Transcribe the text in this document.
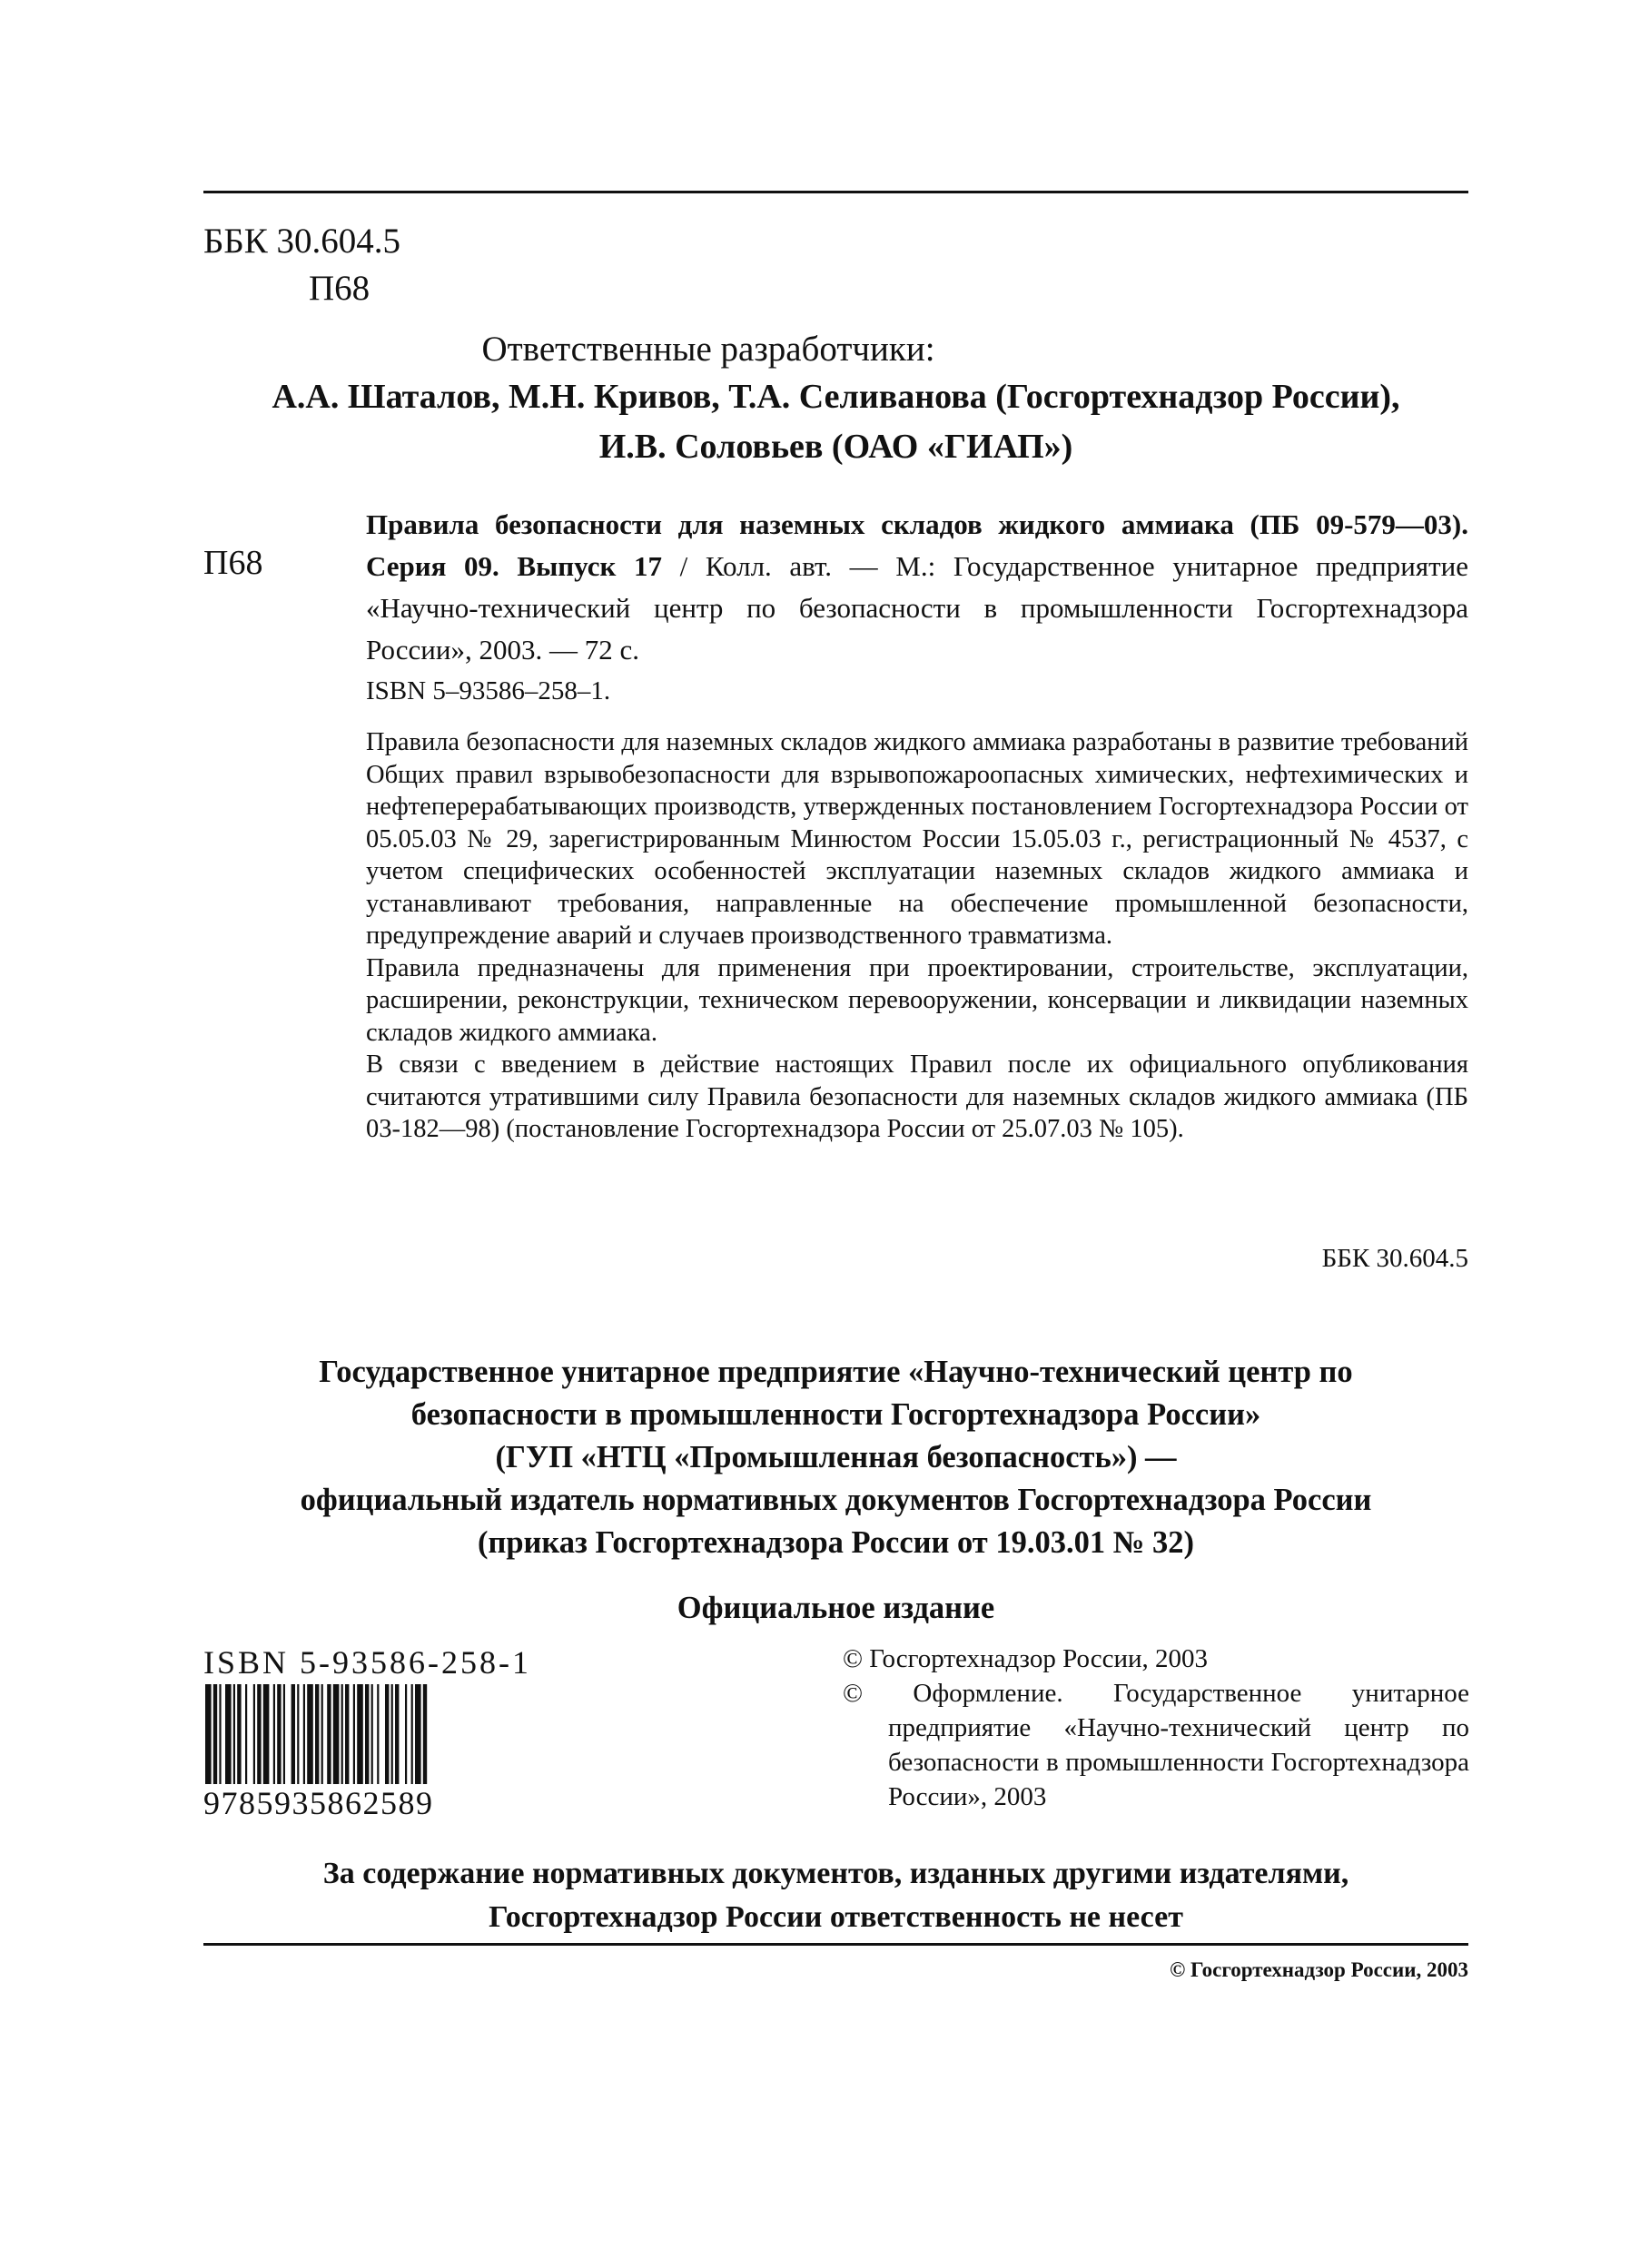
ББК 30.604.5
П68
Ответственные разработчики:
А.А. Шаталов, М.Н. Кривов, Т.А. Селиванова (Госгортехнадзор России),
И.В. Соловьев (ОАО «ГИАП»)
П68
Правила безопасности для наземных складов жидкого аммиака (ПБ 09-579—03). Серия 09. Выпуск 17 / Колл. авт. — М.: Государственное унитарное предприятие «Научно-технический центр по безопасности в промышленности Госгортехнадзора России», 2003. — 72 с.
ISBN 5–93586–258–1.

Правила безопасности для наземных складов жидкого аммиака разработаны в развитие требований Общих правил взрывобезопасности для взрывопожароопасных химических, нефтехимических и нефтеперерабатывающих производств, утвержденных постановлением Госгортехнадзора России от 05.05.03 № 29, зарегистрированным Минюстом России 15.05.03 г., регистрационный № 4537, с учетом специфических особенностей эксплуатации наземных складов жидкого аммиака и устанавливают требования, направленные на обеспечение промышленной безопасности, предупреждение аварий и случаев производственного травматизма.

Правила предназначены для применения при проектировании, строительстве, эксплуатации, расширении, реконструкции, техническом перевооружении, консервации и ликвидации наземных складов жидкого аммиака.

В связи с введением в действие настоящих Правил после их официального опубликования считаются утратившими силу Правила безопасности для наземных складов жидкого аммиака (ПБ 03-182—98) (постановление Госгортехнадзора России от 25.07.03 № 105).

ББК 30.604.5
Государственное унитарное предприятие «Научно-технический центр по
безопасности в промышленности Госгортехнадзора России»
(ГУП «НТЦ «Промышленная безопасность») —
официальный издатель нормативных документов Госгортехнадзора России
(приказ Госгортехнадзора России от 19.03.01 № 32)
Официальное издание
ISBN 5-93586-258-1
9785935862589
© Госгортехнадзор России, 2003
© Оформление. Государственное унитарное предприятие «Научно-технический центр по безопасности в промышленности Госгортехнадзора России», 2003
За содержание нормативных документов, изданных другими издателями,
Госгортехнадзор России ответственность не несет
© Госгортехнадзор России, 2003
